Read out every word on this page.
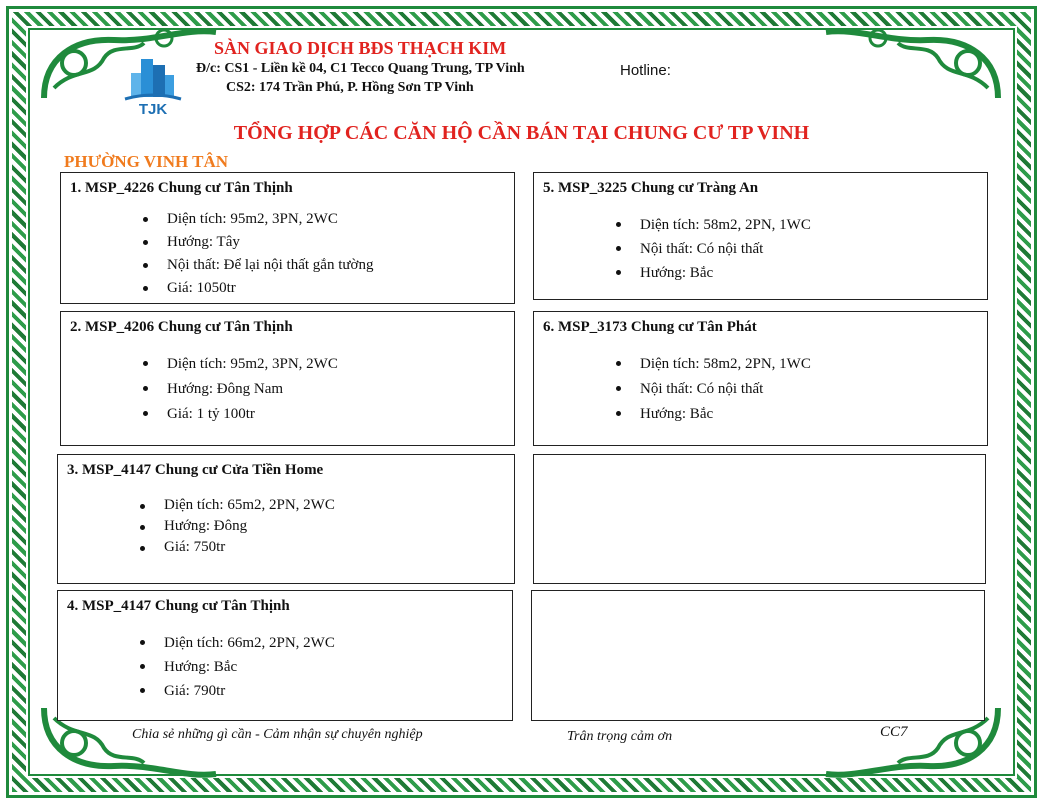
TJK
SÀN GIAO DỊCH BĐS THẠCH KIM
Đ/c: CS1 - Liền kề 04, C1 Tecco Quang Trung, TP Vinh
CS2: 174 Trần Phú, P. Hồng Sơn TP Vinh
Hotline:
TỔNG HỢP CÁC CĂN HỘ CẦN BÁN TẠI CHUNG CƯ TP VINH
PHƯỜNG VINH TÂN
1. MSP_4226 Chung cư Tân Thịnh
Diện tích: 95m2, 3PN, 2WC
Hướng: Tây
Nội thất: Để lại nội thất gắn tường
Giá: 1050tr
2. MSP_4206 Chung cư Tân Thịnh
Diện tích: 95m2, 3PN, 2WC
Hướng: Đông Nam
Giá: 1 tỷ 100tr
3. MSP_4147 Chung cư Cửa Tiền Home
Diện tích: 65m2, 2PN, 2WC
Hướng: Đông
Giá: 750tr
4. MSP_4147 Chung cư Tân Thịnh
Diện tích: 66m2, 2PN, 2WC
Hướng: Bắc
Giá: 790tr
5. MSP_3225 Chung cư Tràng An
Diện tích: 58m2, 2PN, 1WC
Nội thất: Có nội thất
Hướng: Bắc
6. MSP_3173 Chung cư Tân Phát
Diện tích: 58m2, 2PN, 1WC
Nội thất: Có nội thất
Hướng: Bắc
Chia sẻ những gì cần - Cảm nhận sự chuyên nghiệp	Trân trọng cảm ơn	CC7
